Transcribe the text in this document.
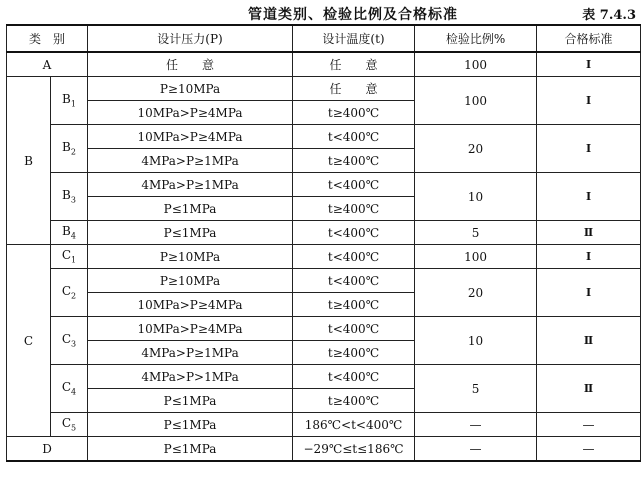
管道类别、检验比例及合格标准	表 7.4.3
类　别		设计压力(P)	设计温度(t)	检验比例%	合格标准
A		任　　意	任　　意	100	Ⅰ
B	$B_1$	P≥10MPa	任　　意	100	Ⅰ
		10MPa>P≥4MPa	t≥400℃		
	$B_2$	10MPa>P≥4MPa	t<400℃	20	Ⅰ
		4MPa>P≥1MPa	t≥400℃		
	$B_3$	4MPa>P≥1MPa	t<400℃	10	Ⅰ
		P≤1MPa	t≥400℃		
	$B_4$	P≤1MPa	t<400℃	5	Ⅱ
C	$C_1$	P≥10MPa	t<400℃	100	Ⅰ
	$C_2$	P≥10MPa	t<400℃	20	Ⅰ
		10MPa>P≥4MPa	t≥400℃		
	$C_3$	10MPa>P≥4MPa	t<400℃	10	Ⅱ
		4MPa>P≥1MPa	t≥400℃		
	$C_4$	4MPa>P>1MPa	t<400℃	5	Ⅱ
		P≤1MPa	t≥400℃		
	$C_5$	P≤1MPa	186℃<t<400℃	—	—
D		P≤1MPa	−29℃≤t≤186℃	—	—
